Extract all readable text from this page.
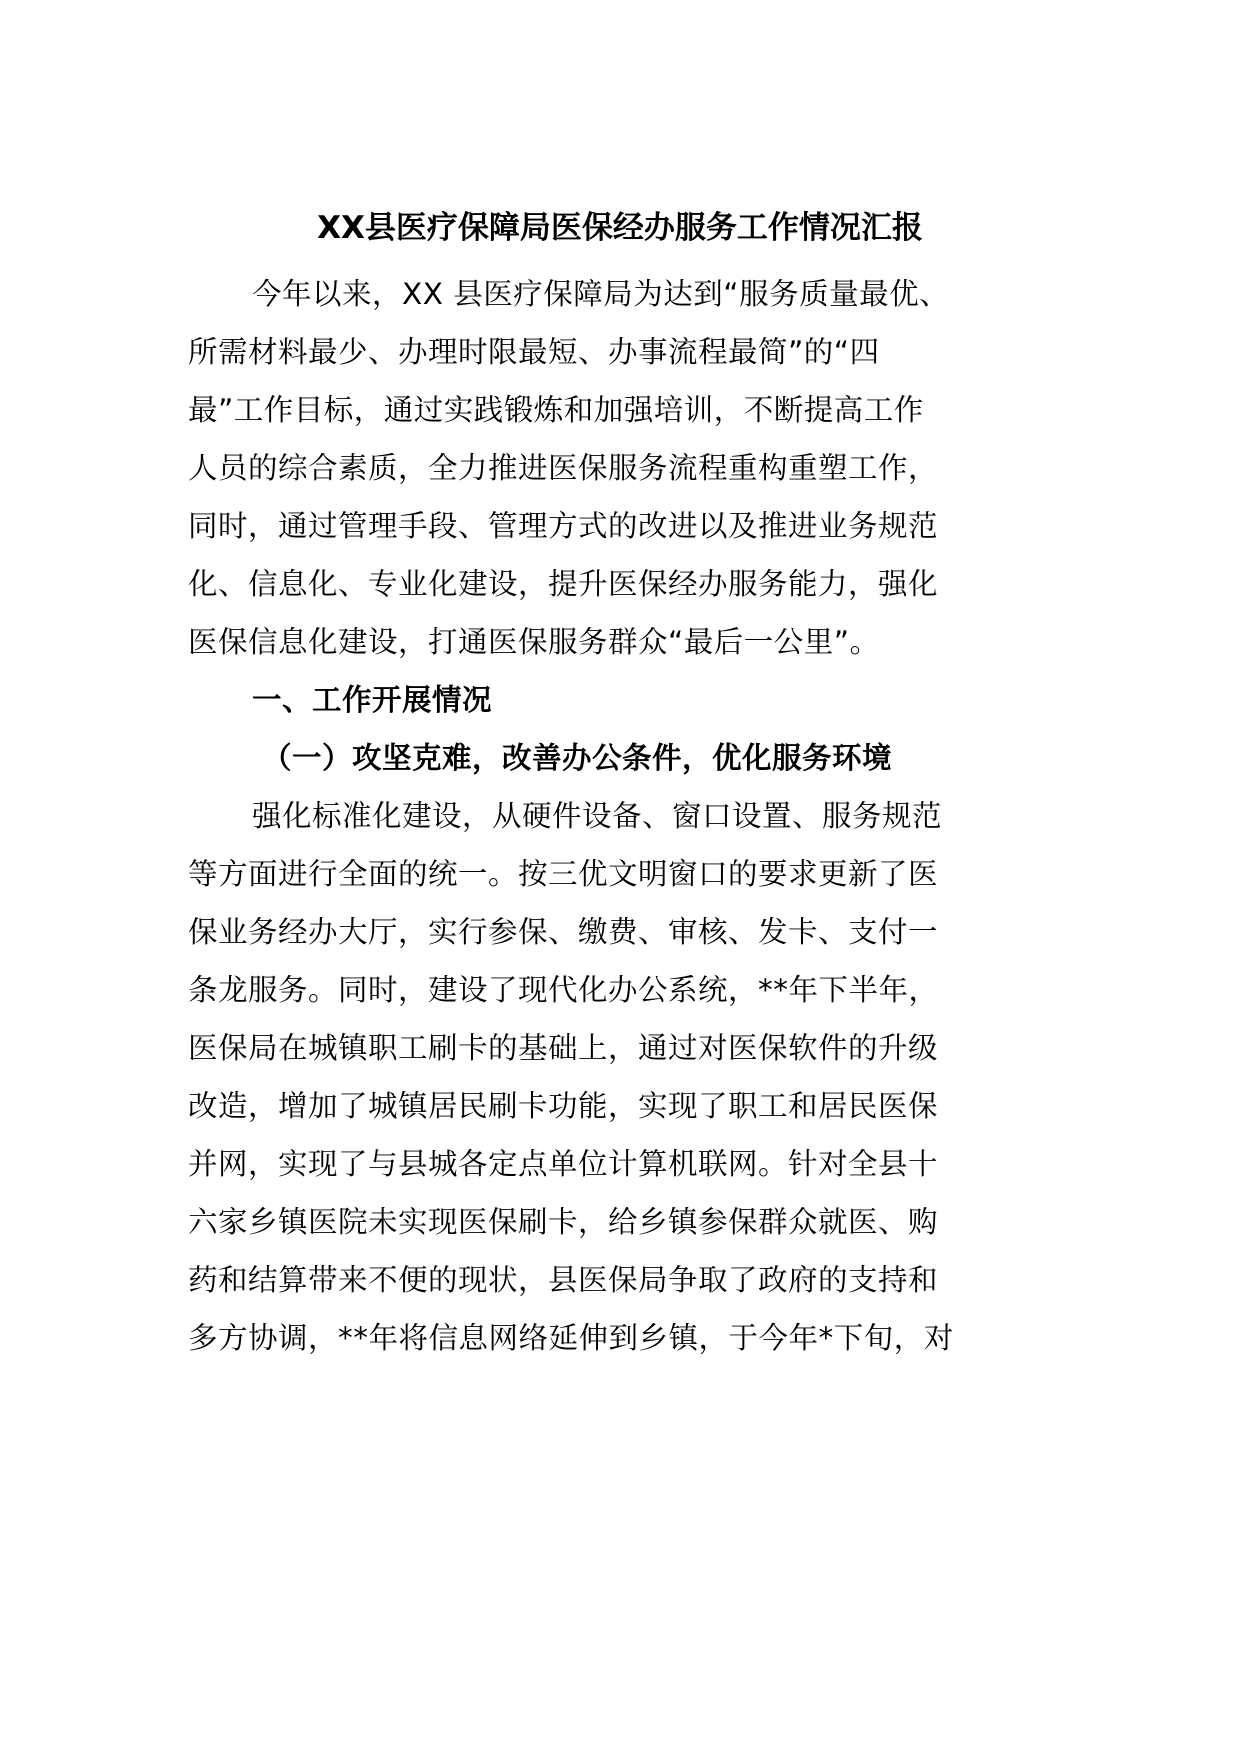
XX县医疗保障局医保经办服务工作情况汇报
今年以来，XX 县医疗保障局为达到“服务质量最优、
所需材料最少、办理时限最短、办事流程最简”的“四
最”工作目标，通过实践锻炼和加强培训，不断提高工作
人员的综合素质，全力推进医保服务流程重构重塑工作，
同时，通过管理手段、管理方式的改进以及推进业务规范
化、信息化、专业化建设，提升医保经办服务能力，强化
医保信息化建设，打通医保服务群众“最后一公里”。
一、工作开展情况
（一）攻坚克难，改善办公条件，优化服务环境
强化标准化建设，从硬件设备、窗口设置、服务规范
等方面进行全面的统一。按三优文明窗口的要求更新了医
保业务经办大厅，实行参保、缴费、审核、发卡、支付一
条龙服务。同时，建设了现代化办公系统，**年下半年，
医保局在城镇职工刷卡的基础上，通过对医保软件的升级
改造，增加了城镇居民刷卡功能，实现了职工和居民医保
并网，实现了与县城各定点单位计算机联网。针对全县十
六家乡镇医院未实现医保刷卡，给乡镇参保群众就医、购
药和结算带来不便的现状，县医保局争取了政府的支持和
多方协调，**年将信息网络延伸到乡镇，于今年*下旬，对
